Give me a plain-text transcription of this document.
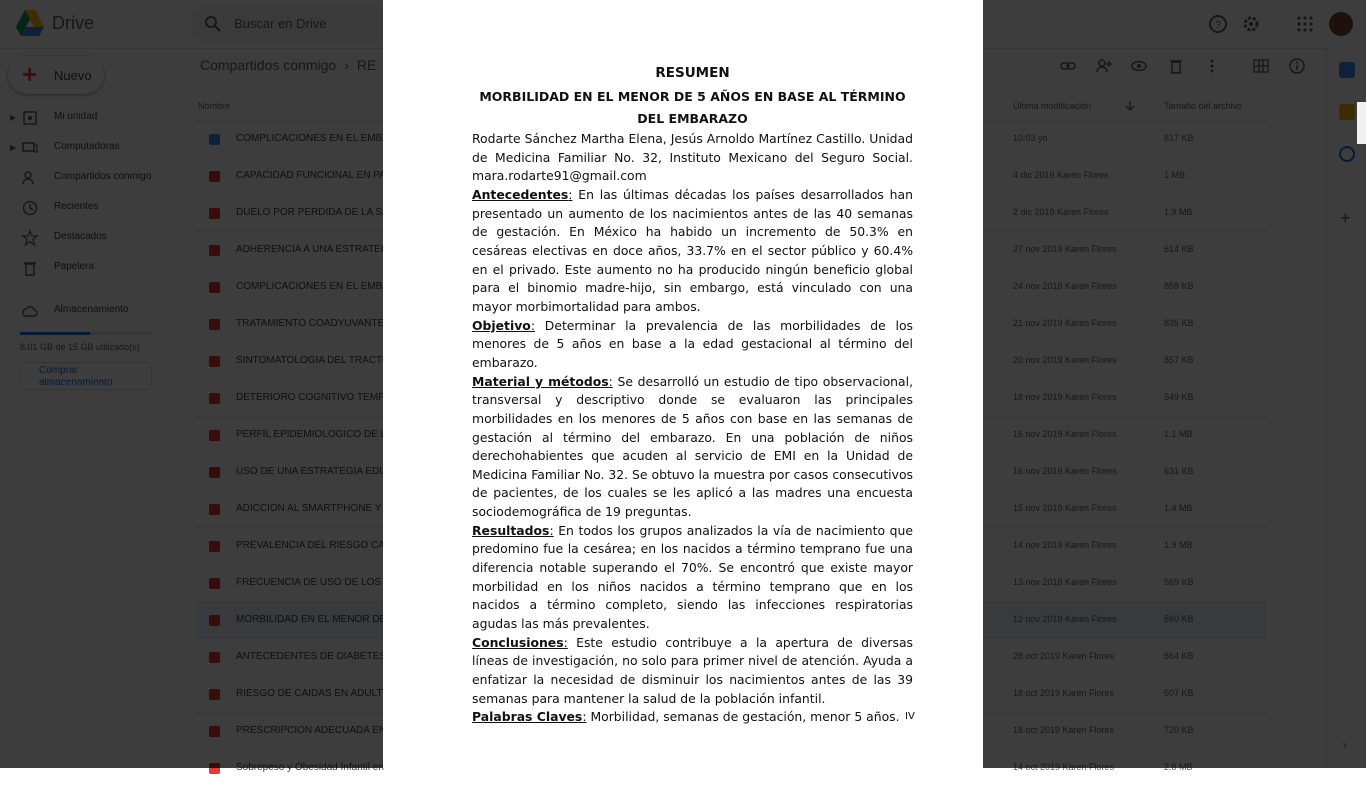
RESUMEN
MORBILIDAD EN EL MENOR DE 5 AÑOS EN BASE AL TÉRMINO DEL EMBARAZO

Rodarte Sánchez Martha Elena, Jesús Arnoldo Martínez Castillo. Unidad de Medicina Familiar No. 32, Instituto Mexicano del Seguro Social. mara.rodarte91@gmail.com

Antecedentes: En las últimas décadas los países desarrollados han presentado un aumento de los nacimientos antes de las 40 semanas de gestación. En México ha habido un incremento de 50.3% en cesáreas electivas en doce años, 33.7% en el sector público y 60.4% en el privado. Este aumento no ha producido ningún beneficio global para el binomio madre-hijo, sin embargo, está vinculado con una mayor morbimortalidad para ambos.

Objetivo: Determinar la prevalencia de las morbilidades de los menores de 5 años en base a la edad gestacional al término del embarazo.

Material y métodos: Se desarrolló un estudio de tipo observacional, transversal y descriptivo donde se evaluaron las principales morbilidades en los menores de 5 años con base en las semanas de gestación al término del embarazo. En una población de niños derechohabientes que acuden al servicio de EMI en la Unidad de Medicina Familiar No. 32. Se obtuvo la muestra por casos consecutivos de pacientes, de los cuales se les aplicó a las madres una encuesta sociodemográfica de 19 preguntas.

Resultados: En todos los grupos analizados la vía de nacimiento que predomino fue la cesárea; en los nacidos a término temprano fue una diferencia notable superando el 70%. Se encontró que existe mayor morbilidad en los niños nacidos a término temprano que en los nacidos a término completo, siendo las infecciones respiratorias agudas las más prevalentes.

Conclusiones: Este estudio contribuye a la apertura de diversas líneas de investigación, no solo para primer nivel de atención. Ayuda a enfatizar la necesidad de disminuir los nacimientos antes de las 39 semanas para mantener la salud de la población infantil.

Palabras Claves: Morbilidad, semanas de gestación, menor 5 años. IV
